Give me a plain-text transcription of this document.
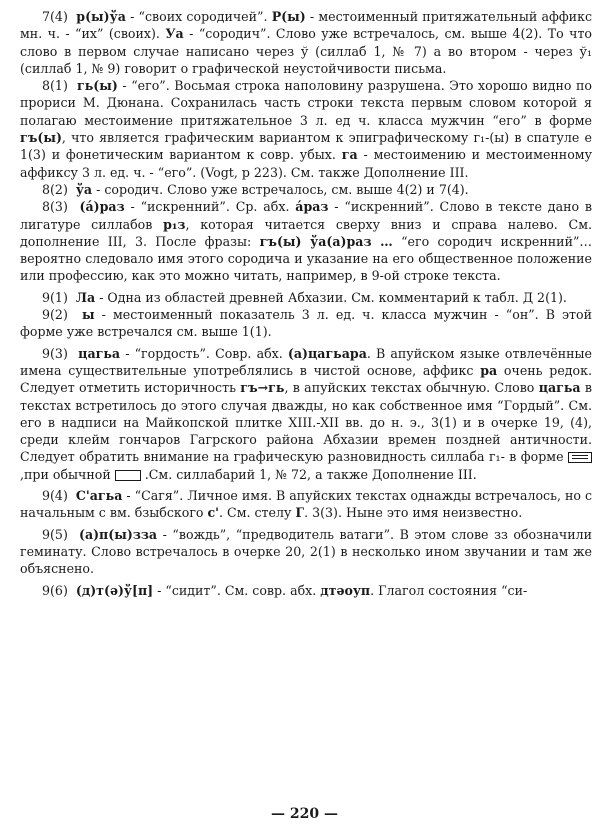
7(4) р(ы)ўа - “своих сородичей”. Р(ы) - местоименный притяжательный аффикс мн. ч. - “их” (своих). Уа - “сородич”. Слово уже встречалось, см. выше 4(2). То что слово в первом случае написано через ў (силлаб 1, № 7) а во втором - через ў₁ (силлаб 1, № 9) говорит о графической неустойчивости письма.

8(1) гь(ы) - “его”. Восьмая строка наполовину разрушена. Это хорошо видно по прориси М. Дюнана. Сохранилась часть строки текста первым словом которой я полагаю местоимение притяжательное 3 л. ед ч. класса мужчин “его” в форме гъ(ы), что является графическим вариантом к эпиграфическому г₁-(ы) в спатуле е 1(3) и фонетическим вариантом к совр. убых. га - местоимению и местоименному аффиксу 3 л. ед. ч. - “его”. (Vogt, p 223). См. также Дополнение III.

8(2) ўа - сородич. Слово уже встречалось, см. выше 4(2) и 7(4).

8(3) (á)раз - “искренний”. Ср. абх. áраз - “искренний”. Слово в тексте дано в лигатуре силлабов р₁з, которая читается сверху вниз и справа налево. См. дополнение III, 3. После фразы: гъ(ы) ўа(а)раз … “его сородич искренний”… вероятно следовало имя этого сородича и указание на его общественное положение или профессию, как это можно читать, например, в 9-ой строке текста.

9(1) Ла - Одна из областей древней Абхазии. См. комментарий к табл. Д 2(1).

9(2) ы - местоименный показатель 3 л. ед. ч. класса мужчин - “он”. В этой форме уже встречался см. выше 1(1).

9(3) цагьа - “гордость”. Совр. абх. (а)цагьара. В апуйском языке отвлечённые имена существительные употреблялись в чистой основе, аффикс ра очень редок. Следует отметить историчность гъ→гь, в апуйских текстах обычную. Слово цагьа в текстах встретилось до этого случая дважды, но как собственное имя “Гордый”. См. его в надписи на Майкопской плитке XIII.-XII вв. до н. э., 3(1) и в очерке 19, (4), среди клейм гончаров Гагрского района Абхазии времен поздней античности. Следует обратить внимание на графическую разновидность силлаба г₁- в форме ,при обычной  .См. силлабарий 1, № 72, а также Дополнение III.

9(4) С'агьа - “Сагя”. Личное имя. В апуйских текстах однажды встречалось, но с начальным с вм. бзыбского с'. См. стелу Г. 3(3). Ныне это имя неизвестно.

9(5) (а)п(ы)зза - “вождь”, “предводитель ватаги”. В этом слове зз обозначили геминату. Слово встречалось в очерке 20, 2(1) в несколько ином звучании и там же объяснено.

9(6) (д)т(ə)ў[п] - “сидит”. См. совр. абх. дтəоуп. Глагол состояния “си-

— 220 —
